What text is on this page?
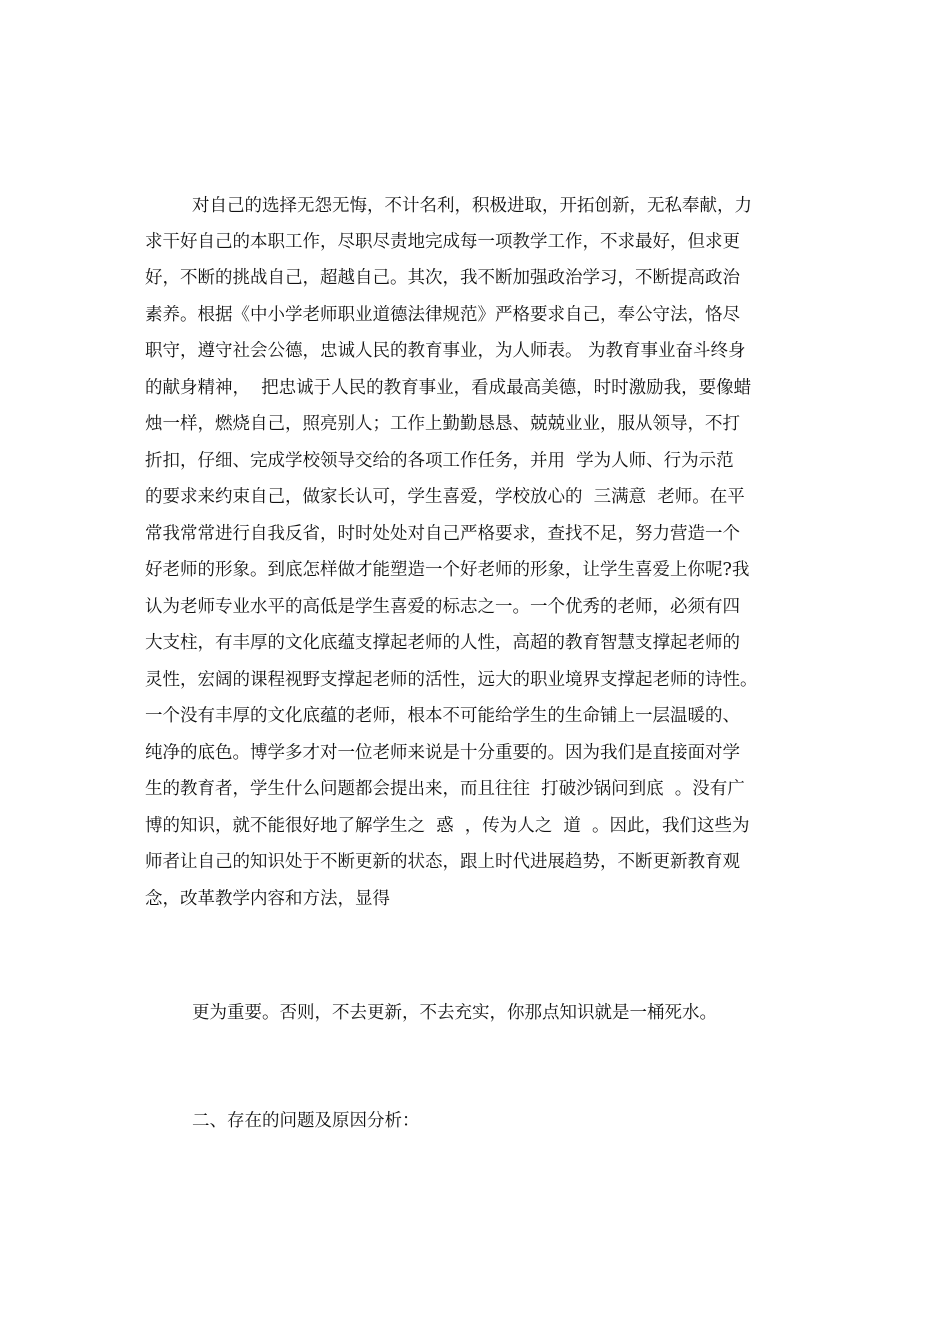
对自己的选择无怨无悔，不计名利，积极进取，开拓创新，无私奉献，力
求干好自己的本职工作，尽职尽责地完成每一项教学工作，不求最好，但求更
好，不断的挑战自己，超越自己。其次，我不断加强政治学习，不断提高政治
素养。根据《中小学老师职业道德法律规范》严格要求自己，奉公守法，恪尽
职守，遵守社会公德，忠诚人民的教育事业，为人师表。 为教育事业奋斗终身
的献身精神，  把忠诚于人民的教育事业，看成最高美德，时时激励我，要像蜡
烛一样，燃烧自己，照亮别人；工作上勤勤恳恳、兢兢业业，服从领导，不打
折扣，仔细、完成学校领导交给的各项工作任务，并用  学为人师、行为示范
的要求来约束自己，做家长认可，学生喜爱，学校放心的  三满意  老师。在平
常我常常进行自我反省，时时处处对自己严格要求，查找不足，努力营造一个
好老师的形象。到底怎样做才能塑造一个好老师的形象，让学生喜爱上你呢?我
认为老师专业水平的高低是学生喜爱的标志之一。一个优秀的老师，必须有四
大支柱，有丰厚的文化底蕴支撑起老师的人性，高超的教育智慧支撑起老师的
灵性，宏阔的课程视野支撑起老师的活性，远大的职业境界支撑起老师的诗性。
一个没有丰厚的文化底蕴的老师，根本不可能给学生的生命铺上一层温暖的、
纯净的底色。博学多才对一位老师来说是十分重要的。因为我们是直接面对学
生的教育者，学生什么问题都会提出来，而且往往  打破沙锅问到底  。没有广
博的知识，就不能很好地了解学生之  惑  ，传为人之  道  。因此，我们这些为
师者让自己的知识处于不断更新的状态，跟上时代进展趋势，不断更新教育观
念，改革教学内容和方法，显得
更为重要。否则，不去更新，不去充实，你那点知识就是一桶死水。
二、存在的问题及原因分析：
